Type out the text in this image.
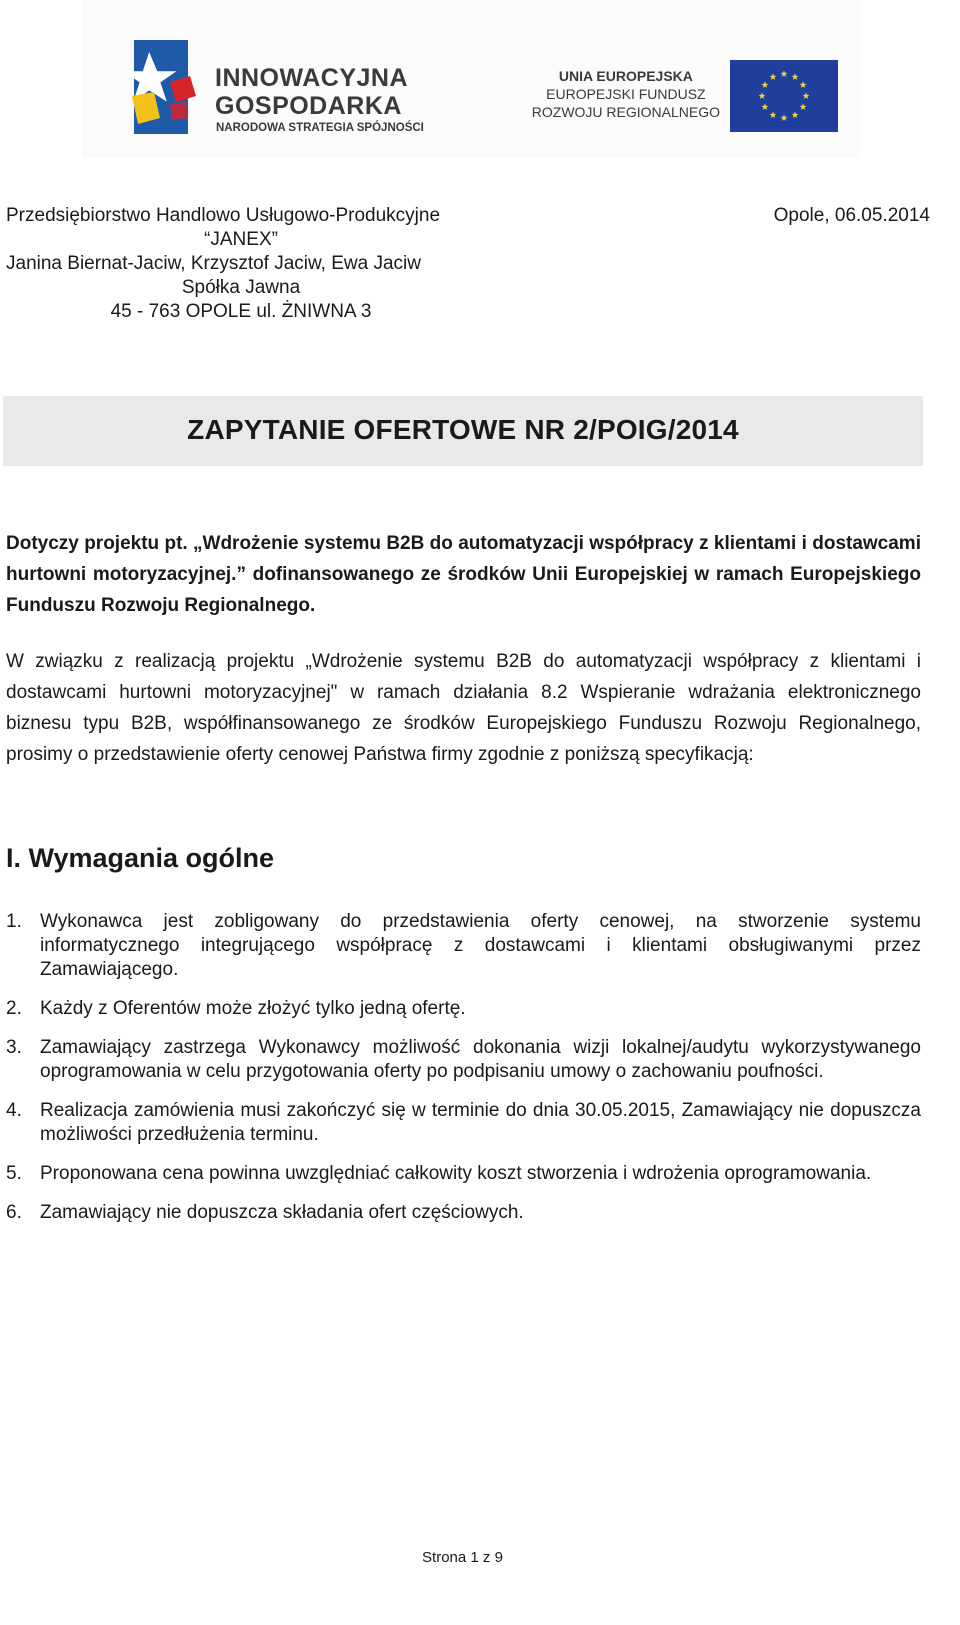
INNOWACYJNA
GOSPODARKA
NARODOWA STRATEGIA SPÓJNOŚCI
UNIA EUROPEJSKA
EUROPEJSKI FUNDUSZ
ROZWOJU REGIONALNEGO
Przedsiębiorstwo Handlowo Usługowo-Produkcyjne
“JANEX”
Janina Biernat-Jaciw, Krzysztof Jaciw, Ewa Jaciw
Spółka Jawna
45 - 763 OPOLE ul. ŻNIWNA 3
Opole, 06.05.2014
ZAPYTANIE OFERTOWE NR 2/POIG/2014
Dotyczy projektu pt. „Wdrożenie systemu B2B do automatyzacji współpracy z klientami i dostawcami hurtowni motoryzacyjnej.” dofinansowanego ze środków Unii Europejskiej w ramach Europejskiego Funduszu Rozwoju Regionalnego.
W związku z realizacją projektu „Wdrożenie systemu B2B do automatyzacji współpracy z klientami i dostawcami hurtowni motoryzacyjnej" w ramach działania 8.2 Wspieranie wdrażania elektronicznego biznesu typu B2B, współfinansowanego ze środków Europejskiego Funduszu Rozwoju Regionalnego, prosimy o przedstawienie oferty cenowej Państwa firmy zgodnie z poniższą specyfikacją:
I. Wymagania ogólne
1. Wykonawca jest zobligowany do przedstawienia oferty cenowej, na stworzenie systemu informatycznego integrującego współpracę z dostawcami i klientami obsługiwanymi przez Zamawiającego.
2. Każdy z Oferentów może złożyć tylko jedną ofertę.
3. Zamawiający zastrzega Wykonawcy możliwość dokonania wizji lokalnej/audytu wykorzystywanego oprogramowania w celu przygotowania oferty po podpisaniu umowy o zachowaniu poufności.
4. Realizacja zamówienia musi zakończyć się w terminie do dnia 30.05.2015, Zamawiający nie dopuszcza możliwości przedłużenia terminu.
5. Proponowana cena powinna uwzględniać całkowity koszt stworzenia i wdrożenia oprogramowania.
6. Zamawiający nie dopuszcza składania ofert częściowych.
Strona 1 z 9
